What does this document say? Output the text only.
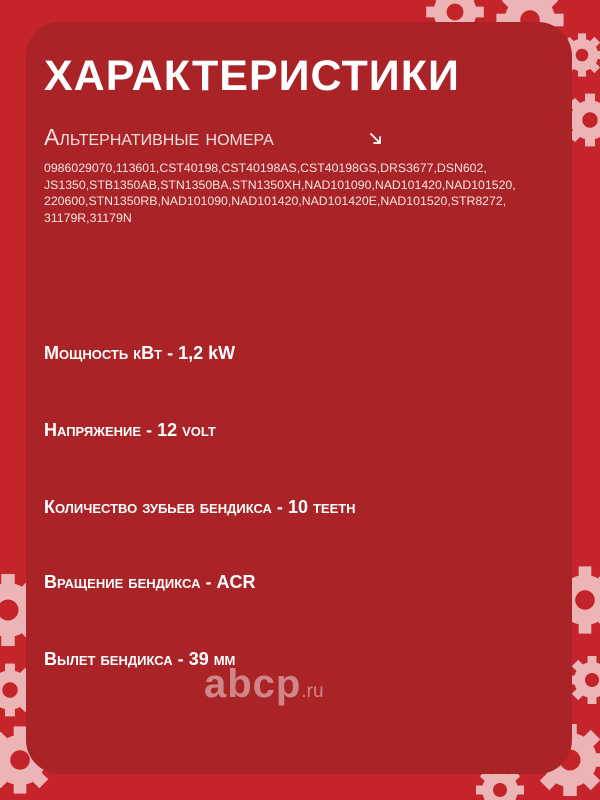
ХАРАКТЕРИСТИКИ

Альтернативные номера

0986029070,113601,CST40198,CST40198AS,CST40198GS,DRS3677,DSN602,
JS1350,STB1350AB,STN1350BA,STN1350XH,NAD101090,NAD101420,NAD101520,
220600,STN1350RB,NAD101090,NAD101420,NAD101420E,NAD101520,STR8272,
31179R,31179N

Мощность кВт - 1,2 kW

Напряжение - 12 volt

Количество зубьев бендикса - 10 teeth

Вращение бендикса - ACR

Вылет бендикса - 39 мм

abcp.ru
